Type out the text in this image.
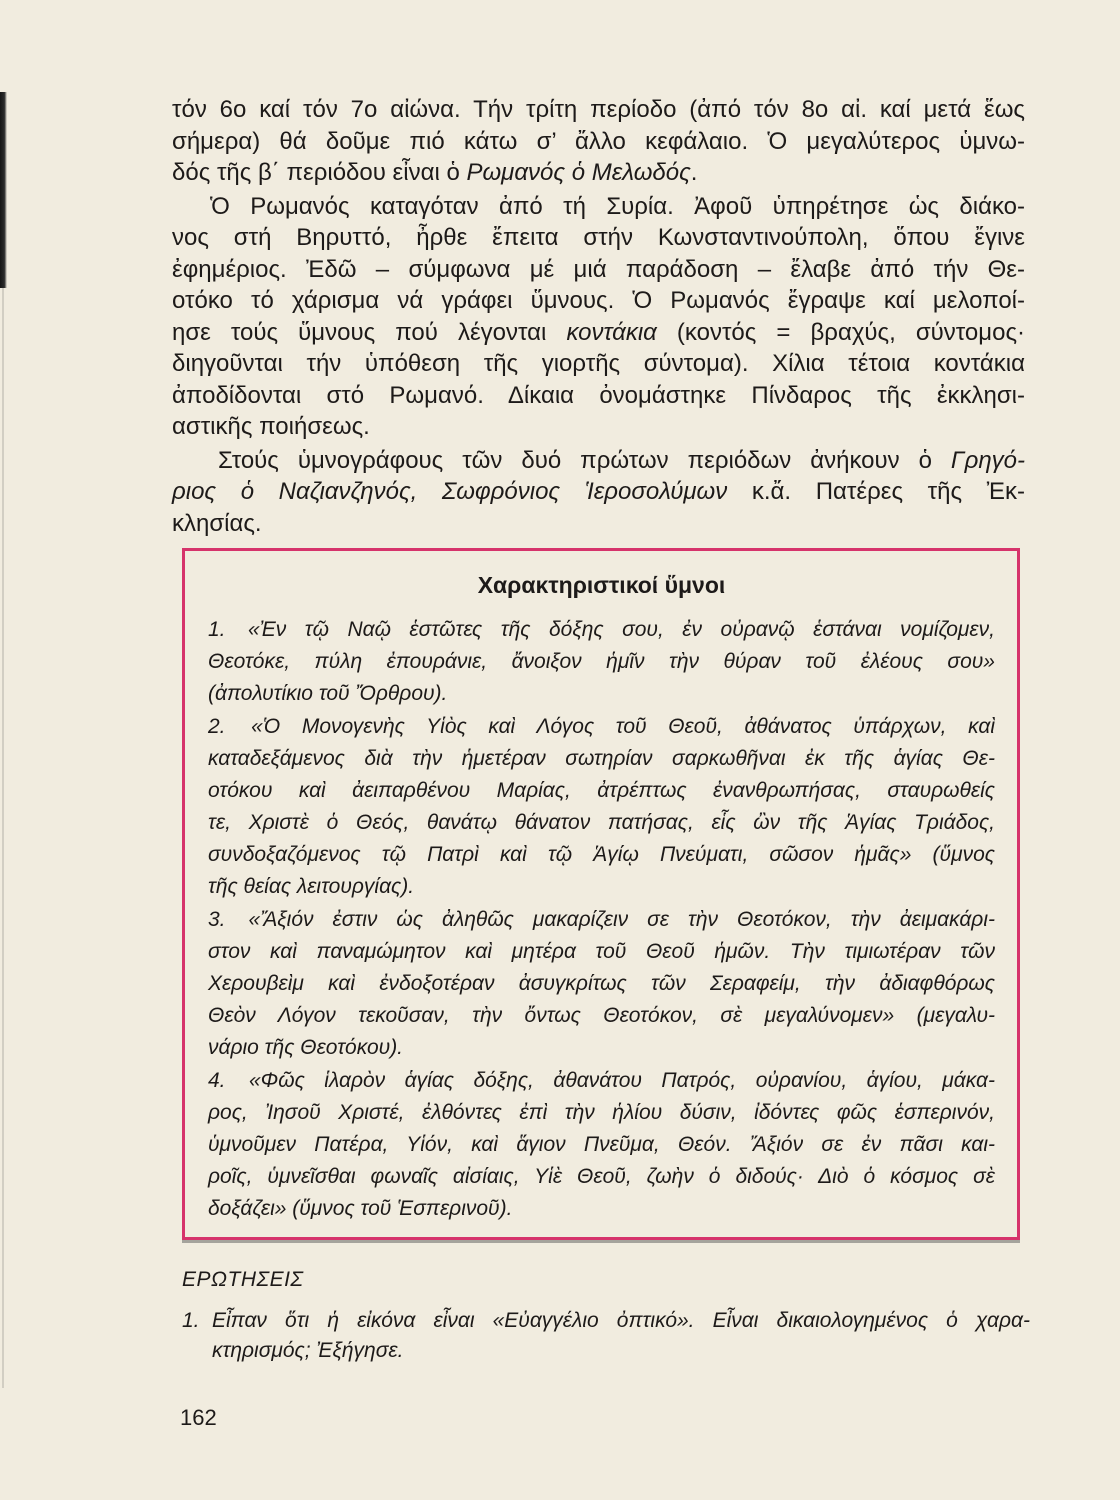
τόν 6ο καί τόν 7ο αἰώνα. Τήν τρίτη περίοδο (ἀπό τόν 8ο αἰ. καί μετά ἕως
σήμερα) θά δοῦμε πιό κάτω σ’ ἄλλο κεφάλαιο. Ὁ μεγαλύτερος ὑμνω-
δός τῆς β΄ περιόδου εἶναι ὁ Ρωμανός ὁ Μελωδός.
Ὁ Ρωμανός καταγόταν ἀπό τή Συρία. Ἀφοῦ ὑπηρέτησε ὡς διάκο-
νος στή Βηρυττό, ἦρθε ἔπειτα στήν Κωνσταντινούπολη, ὅπου ἔγινε
ἐφημέριος. Ἐδῶ – σύμφωνα μέ μιά παράδοση – ἔλαβε ἀπό τήν Θε-
οτόκο τό χάρισμα νά γράφει ὕμνους. Ὁ Ρωμανός ἔγραψε καί μελοποί-
ησε τούς ὕμνους πού λέγονται κοντάκια (κοντός = βραχύς, σύντομος·
διηγοῦνται τήν ὑπόθεση τῆς γιορτῆς σύντομα). Χίλια τέτοια κοντάκια
ἀποδίδονται στό Ρωμανό. Δίκαια ὀνομάστηκε Πίνδαρος τῆς ἐκκλησι-
αστικῆς ποιήσεως.
Στούς ὑμνογράφους τῶν δυό πρώτων περιόδων ἀνήκουν ὁ Γρηγό-
ριος ὁ Ναζιανζηνός, Σωφρόνιος Ἱεροσολύμων κ.ἄ. Πατέρες τῆς Ἐκ-
κλησίας.
Χαρακτηριστικοί ὕμνοι
1. «Ἐν τῷ Ναῷ ἑστῶτες τῆς δόξης σου, ἐν οὐρανῷ ἑστάναι νομίζομεν,
Θεοτόκε, πύλη ἐπουράνιε, ἄνοιξον ἡμῖν τὴν θύραν τοῦ ἐλέους σου»
(ἀπολυτίκιο τοῦ Ὄρθρου).
2. «Ὁ Μονογενὴς Υἱὸς καὶ Λόγος τοῦ Θεοῦ, ἀθάνατος ὑπάρχων, καὶ
καταδεξάμενος διὰ τὴν ἡμετέραν σωτηρίαν σαρκωθῆναι ἐκ τῆς ἁγίας Θε-
οτόκου καὶ ἀειπαρθένου Μαρίας, ἀτρέπτως ἐνανθρωπήσας, σταυρωθείς
τε, Χριστὲ ὁ Θεός, θανάτῳ θάνατον πατήσας, εἷς ὢν τῆς Ἁγίας Τριάδος,
συνδοξαζόμενος τῷ Πατρὶ καὶ τῷ Ἁγίῳ Πνεύματι, σῶσον ἡμᾶς» (ὕμνος
τῆς θείας λειτουργίας).
3. «Ἄξιόν ἐστιν ὡς ἀληθῶς μακαρίζειν σε τὴν Θεοτόκον, τὴν ἀειμακάρι-
στον καὶ παναμώμητον καὶ μητέρα τοῦ Θεοῦ ἡμῶν. Τὴν τιμιωτέραν τῶν
Χερουβεὶμ καὶ ἐνδοξοτέραν ἀσυγκρίτως τῶν Σεραφείμ, τὴν ἀδιαφθόρως
Θεὸν Λόγον τεκοῦσαν, τὴν ὄντως Θεοτόκον, σὲ μεγαλύνομεν» (μεγαλυ-
νάριο τῆς Θεοτόκου).
4. «Φῶς ἱλαρὸν ἁγίας δόξης, ἀθανάτου Πατρός, οὐρανίου, ἁγίου, μάκα-
ρος, Ἰησοῦ Χριστέ, ἐλθόντες ἐπὶ τὴν ἡλίου δύσιν, ἰδόντες φῶς ἑσπερινόν,
ὑμνοῦμεν Πατέρα, Υἱόν, καὶ ἅγιον Πνεῦμα, Θεόν. Ἄξιόν σε ἐν πᾶσι και-
ροῖς, ὑμνεῖσθαι φωναῖς αἰσίαις, Υἱὲ Θεοῦ, ζωὴν ὁ διδούς· Διὸ ὁ κόσμος σὲ
δοξάζει» (ὕμνος τοῦ Ἑσπερινοῦ).
ΕΡΩΤΗΣΕΙΣ
1. Εἶπαν ὅτι ἡ εἰκόνα εἶναι «Εὐαγγέλιο ὀπτικό». Εἶναι δικαιολογημένος ὁ χαρα-
κτηρισμός; Ἐξήγησε.
162
